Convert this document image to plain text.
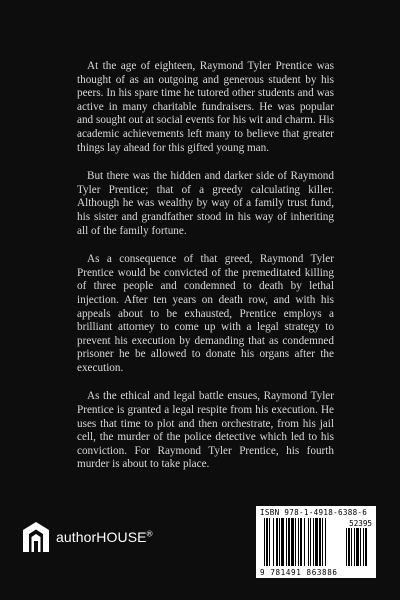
At the age of eighteen, Raymond Tyler Prentice was thought of as an outgoing and generous student by his peers. In his spare time he tutored other students and was active in many charitable fundraisers. He was popular and sought out at social events for his wit and charm. His academic achievements left many to believe that greater things lay ahead for this gifted young man.

But there was the hidden and darker side of Raymond Tyler Prentice; that of a greedy calculating killer. Although he was wealthy by way of a family trust fund, his sister and grandfather stood in his way of inheriting all of the family fortune.

As a consequence of that greed, Raymond Tyler Prentice would be convicted of the premeditated killing of three people and condemned to death by lethal injection. After ten years on death row, and with his appeals about to be exhausted, Prentice employs a brilliant attorney to come up with a legal strategy to prevent his execution by demanding that as condemned prisoner he be allowed to donate his organs after the execution.

As the ethical and legal battle ensues, Raymond Tyler Prentice is granted a legal respite from his execution. He uses that time to plot and then orchestrate, from his jail cell, the murder of the police detective which led to his conviction. For Raymond Tyler Prentice, his fourth murder is about to take place.

authorHOUSE®
ISBN 978-1-4918-6388-6
52395
9 781491 863886
